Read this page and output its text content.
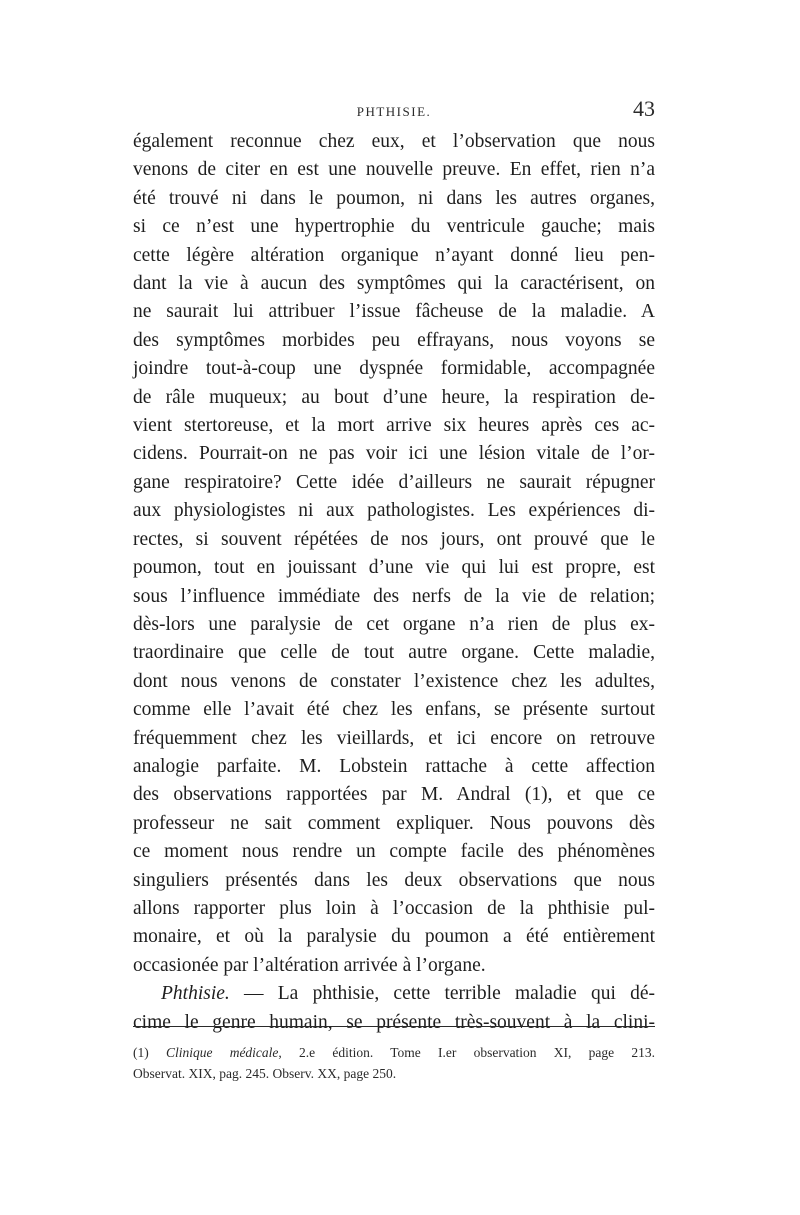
PHTHISIE.	43
également reconnue chez eux, et l’observation que nous
venons de citer en est une nouvelle preuve. En effet, rien n’a
été trouvé ni dans le poumon, ni dans les autres organes,
si ce n’est une hypertrophie du ventricule gauche; mais
cette légère altération organique n’ayant donné lieu pen-
dant la vie à aucun des symptômes qui la caractérisent, on
ne saurait lui attribuer l’issue fâcheuse de la maladie. A
des symptômes morbides peu effrayans, nous voyons se
joindre tout-à-coup une dyspnée formidable, accompagnée
de râle muqueux; au bout d’une heure, la respiration de-
vient stertoreuse, et la mort arrive six heures après ces ac-
cidens. Pourrait-on ne pas voir ici une lésion vitale de l’or-
gane respiratoire? Cette idée d’ailleurs ne saurait répugner
aux physiologistes ni aux pathologistes. Les expériences di-
rectes, si souvent répétées de nos jours, ont prouvé que le
poumon, tout en jouissant d’une vie qui lui est propre, est
sous l’influence immédiate des nerfs de la vie de relation;
dès-lors une paralysie de cet organe n’a rien de plus ex-
traordinaire que celle de tout autre organe. Cette maladie,
dont nous venons de constater l’existence chez les adultes,
comme elle l’avait été chez les enfans, se présente surtout
fréquemment chez les vieillards, et ici encore on retrouve
analogie parfaite. M. Lobstein rattache à cette affection
des observations rapportées par M. Andral (1), et que ce
professeur ne sait comment expliquer. Nous pouvons dès
ce moment nous rendre un compte facile des phénomènes
singuliers présentés dans les deux observations que nous
allons rapporter plus loin à l’occasion de la phthisie pul-
monaire, et où la paralysie du poumon a été entièrement
occasionée par l’altération arrivée à l’organe.
Phthisie. — La phthisie, cette terrible maladie qui dé-
cime le genre humain, se présente très-souvent à la clini-
(1) Clinique médicale, 2.e édition. Tome I.er observation XI, page 213.
Observat. XIX, pag. 245. Observ. XX, page 250.
